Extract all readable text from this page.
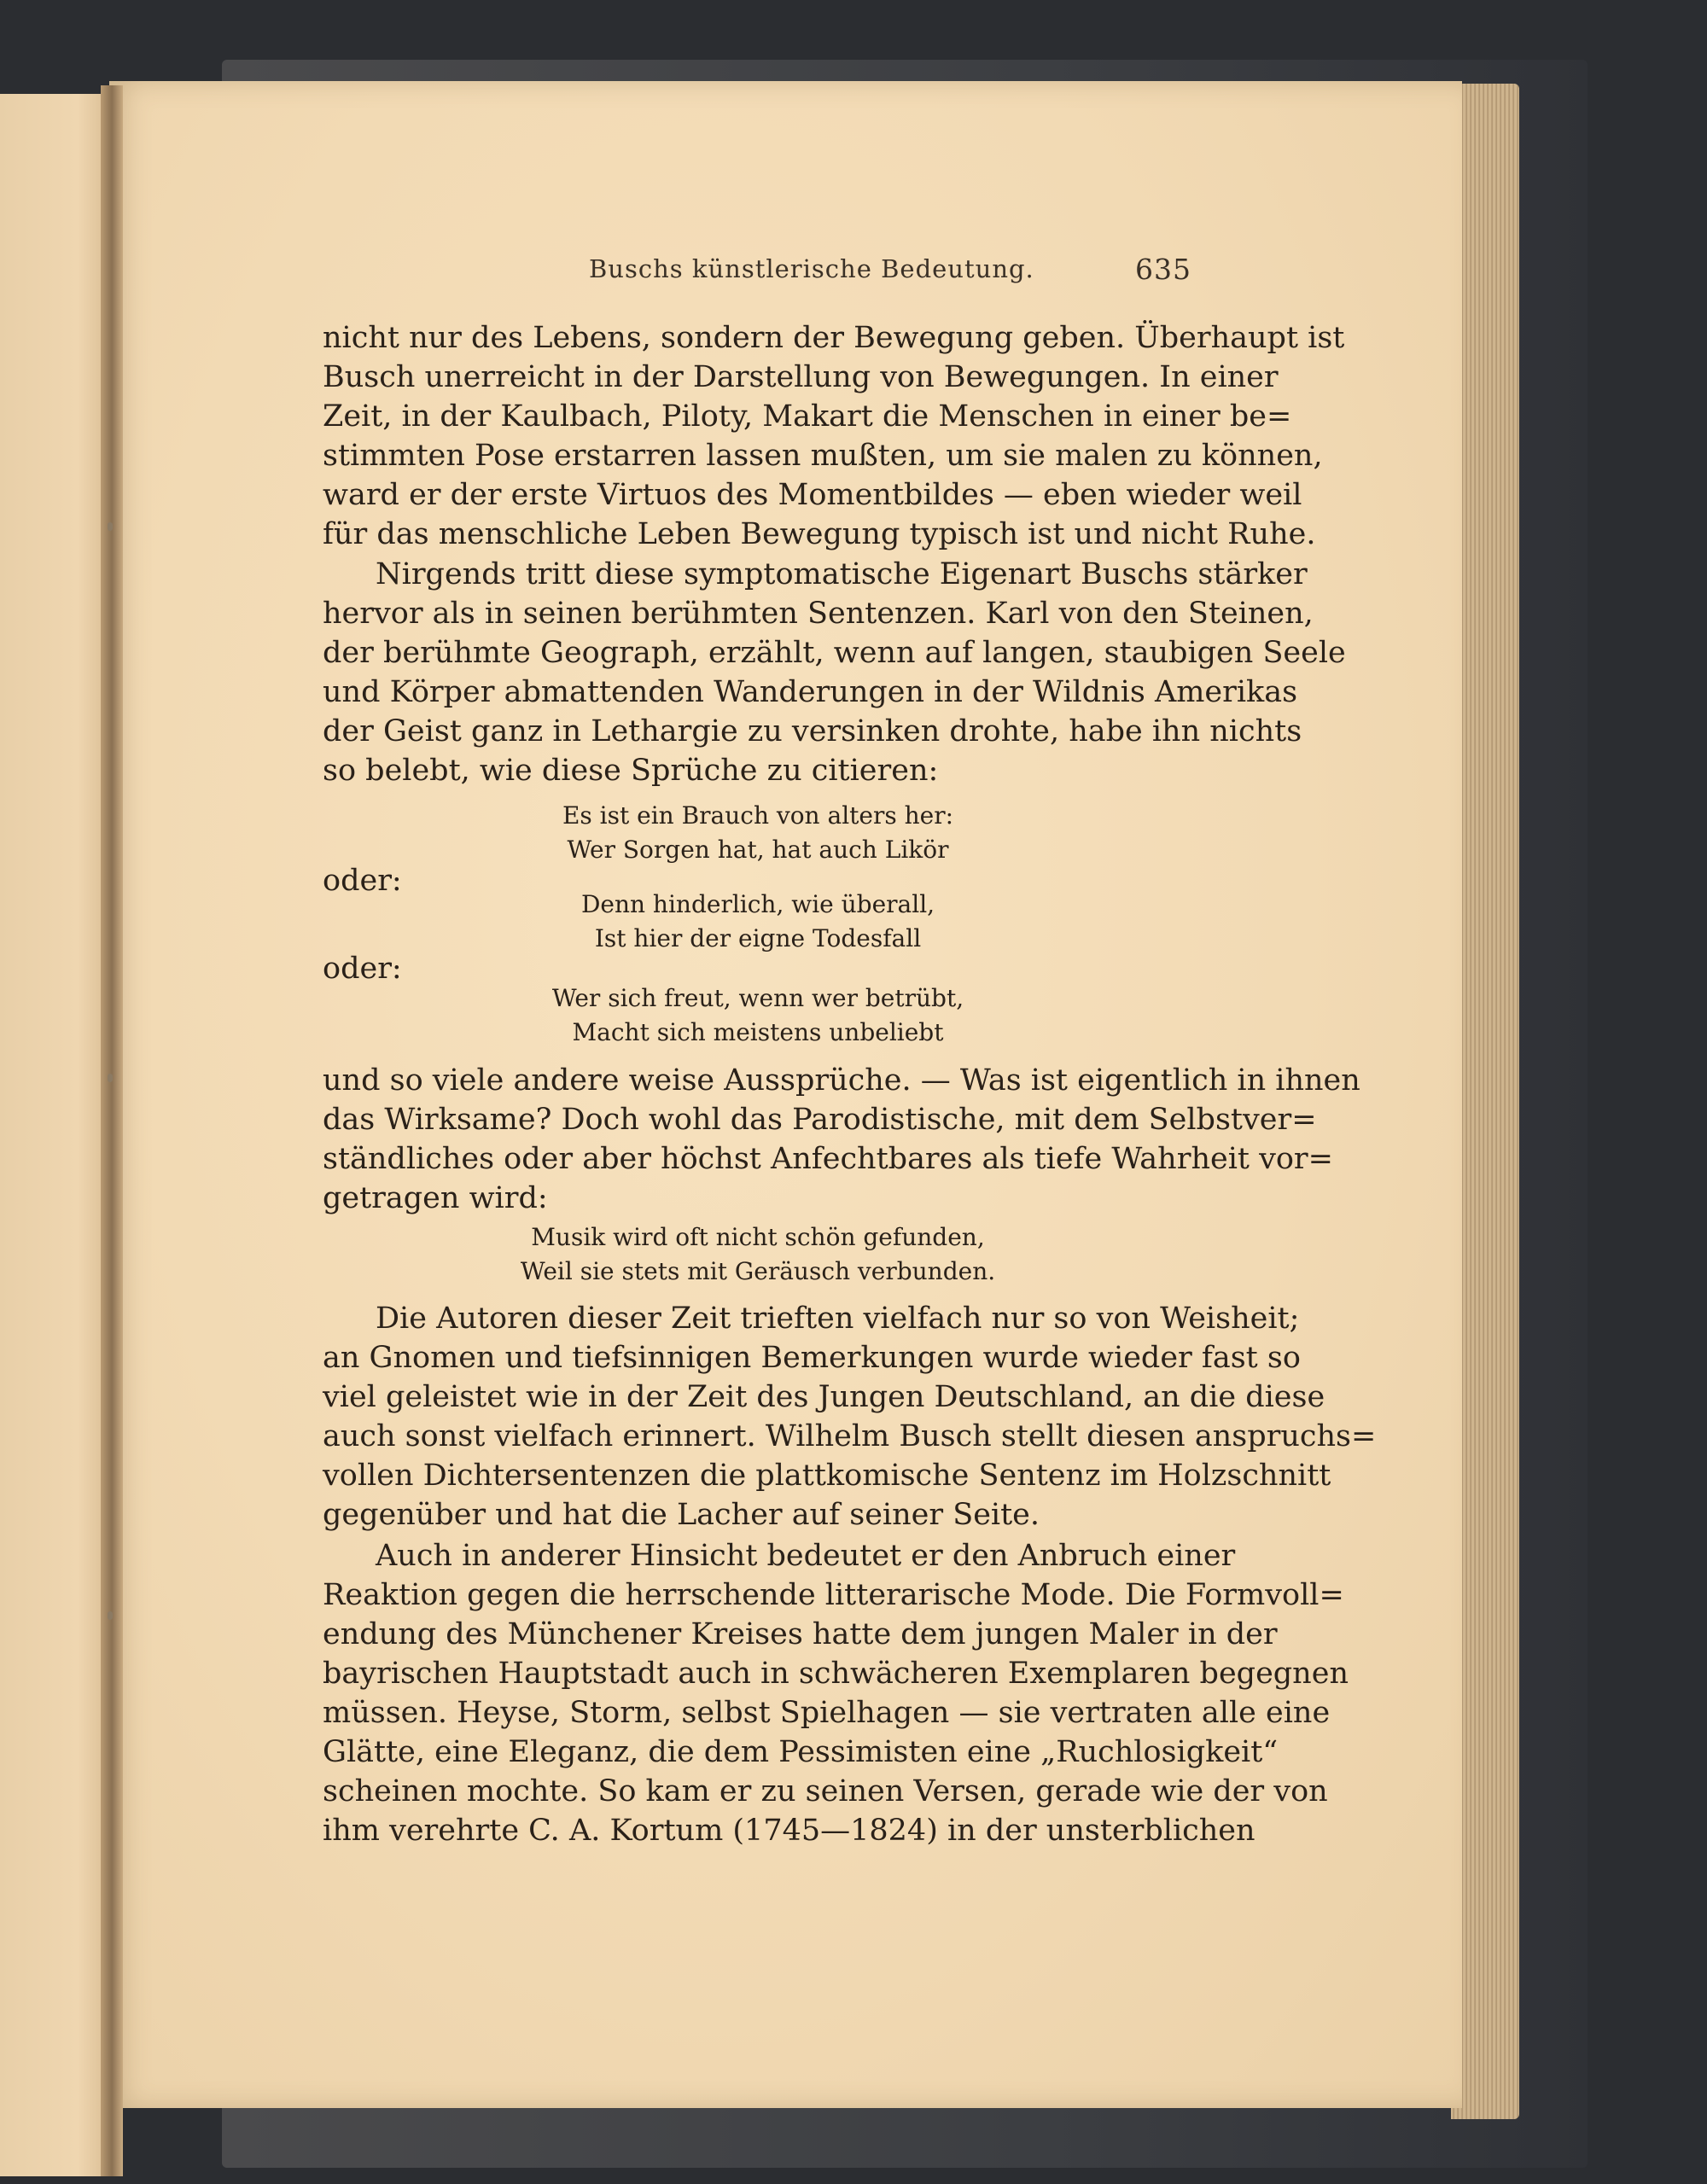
Buschs künstlerische Bedeutung.	635
nicht nur des Lebens, sondern der Bewegung geben. Überhaupt ist
Busch unerreicht in der Darstellung von Bewegungen. In einer
Zeit, in der Kaulbach, Piloty, Makart die Menschen in einer be=
stimmten Pose erstarren lassen mußten, um sie malen zu können,
ward er der erste Virtuos des Momentbildes — eben wieder weil
für das menschliche Leben Bewegung typisch ist und nicht Ruhe.
Nirgends tritt diese symptomatische Eigenart Buschs stärker
hervor als in seinen berühmten Sentenzen. Karl von den Steinen,
der berühmte Geograph, erzählt, wenn auf langen, staubigen Seele
und Körper abmattenden Wanderungen in der Wildnis Amerikas
der Geist ganz in Lethargie zu versinken drohte, habe ihn nichts
so belebt, wie diese Sprüche zu citieren:
Es ist ein Brauch von alters her:
Wer Sorgen hat, hat auch Likör
oder:
Denn hinderlich, wie überall,
Ist hier der eigne Todesfall
oder:
Wer sich freut, wenn wer betrübt,
Macht sich meistens unbeliebt
und so viele andere weise Aussprüche. — Was ist eigentlich in ihnen
das Wirksame? Doch wohl das Parodistische, mit dem Selbstver=
ständliches oder aber höchst Anfechtbares als tiefe Wahrheit vor=
getragen wird:
Musik wird oft nicht schön gefunden,
Weil sie stets mit Geräusch verbunden.
Die Autoren dieser Zeit trieften vielfach nur so von Weisheit;
an Gnomen und tiefsinnigen Bemerkungen wurde wieder fast so
viel geleistet wie in der Zeit des Jungen Deutschland, an die diese
auch sonst vielfach erinnert. Wilhelm Busch stellt diesen anspruchs=
vollen Dichtersentenzen die plattkomische Sentenz im Holzschnitt
gegenüber und hat die Lacher auf seiner Seite.
Auch in anderer Hinsicht bedeutet er den Anbruch einer
Reaktion gegen die herrschende litterarische Mode. Die Formvoll=
endung des Münchener Kreises hatte dem jungen Maler in der
bayrischen Hauptstadt auch in schwächeren Exemplaren begegnen
müssen. Heyse, Storm, selbst Spielhagen — sie vertraten alle eine
Glätte, eine Eleganz, die dem Pessimisten eine „Ruchlosigkeit“
scheinen mochte. So kam er zu seinen Versen, gerade wie der von
ihm verehrte C. A. Kortum (1745—1824) in der unsterblichen
